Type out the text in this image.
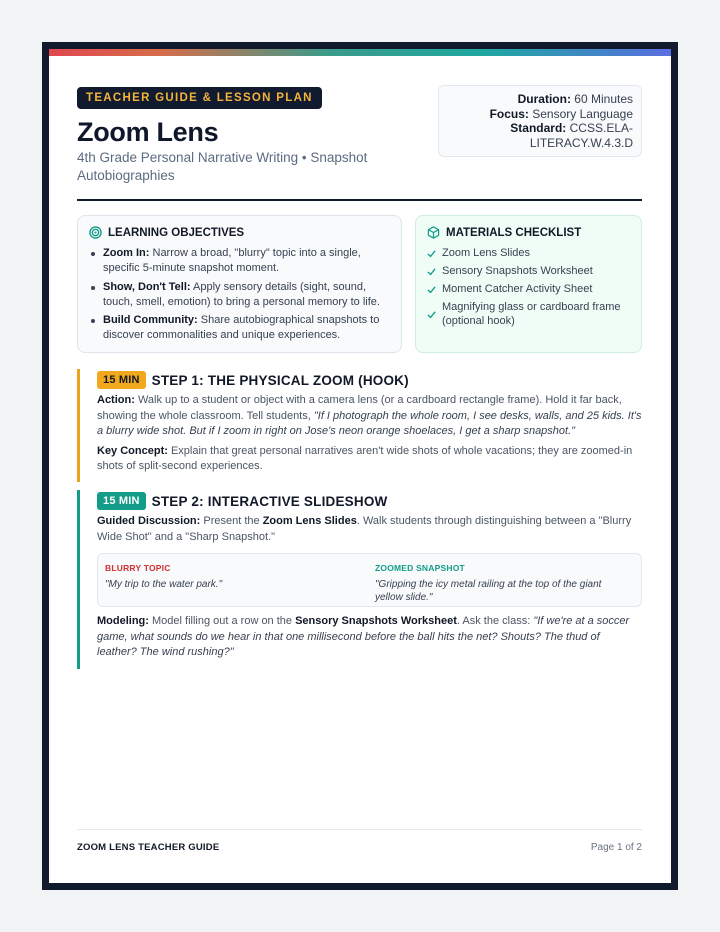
TEACHER GUIDE & LESSON PLAN
Zoom Lens
4th Grade Personal Narrative Writing • Snapshot Autobiographies
Duration: 60 Minutes
Focus: Sensory Language
Standard: CCSS.ELA-LITERACY.W.4.3.D
LEARNING OBJECTIVES
Zoom In: Narrow a broad, "blurry" topic into a single, specific 5-minute snapshot moment.
Show, Don't Tell: Apply sensory details (sight, sound, touch, smell, emotion) to bring a personal memory to life.
Build Community: Share autobiographical snapshots to discover commonalities and unique experiences.
MATERIALS CHECKLIST
Zoom Lens Slides
Sensory Snapshots Worksheet
Moment Catcher Activity Sheet
Magnifying glass or cardboard frame (optional hook)
15 MIN STEP 1: THE PHYSICAL ZOOM (HOOK)
Action: Walk up to a student or object with a camera lens (or a cardboard rectangle frame). Hold it far back, showing the whole classroom. Tell students, "If I photograph the whole room, I see desks, walls, and 25 kids. It's a blurry wide shot. But if I zoom in right on Jose's neon orange shoelaces, I get a sharp snapshot."
Key Concept: Explain that great personal narratives aren't wide shots of whole vacations; they are zoomed-in shots of split-second experiences.
15 MIN STEP 2: INTERACTIVE SLIDESHOW
Guided Discussion: Present the Zoom Lens Slides. Walk students through distinguishing between a "Blurry Wide Shot" and a "Sharp Snapshot."
BLURRY TOPIC
"My trip to the water park."
ZOOMED SNAPSHOT
"Gripping the icy metal railing at the top of the giant yellow slide."
Modeling: Model filling out a row on the Sensory Snapshots Worksheet. Ask the class: "If we're at a soccer game, what sounds do we hear in that one millisecond before the ball hits the net? Shouts? The thud of leather? The wind rushing?"
ZOOM LENS TEACHER GUIDE	Page 1 of 2
